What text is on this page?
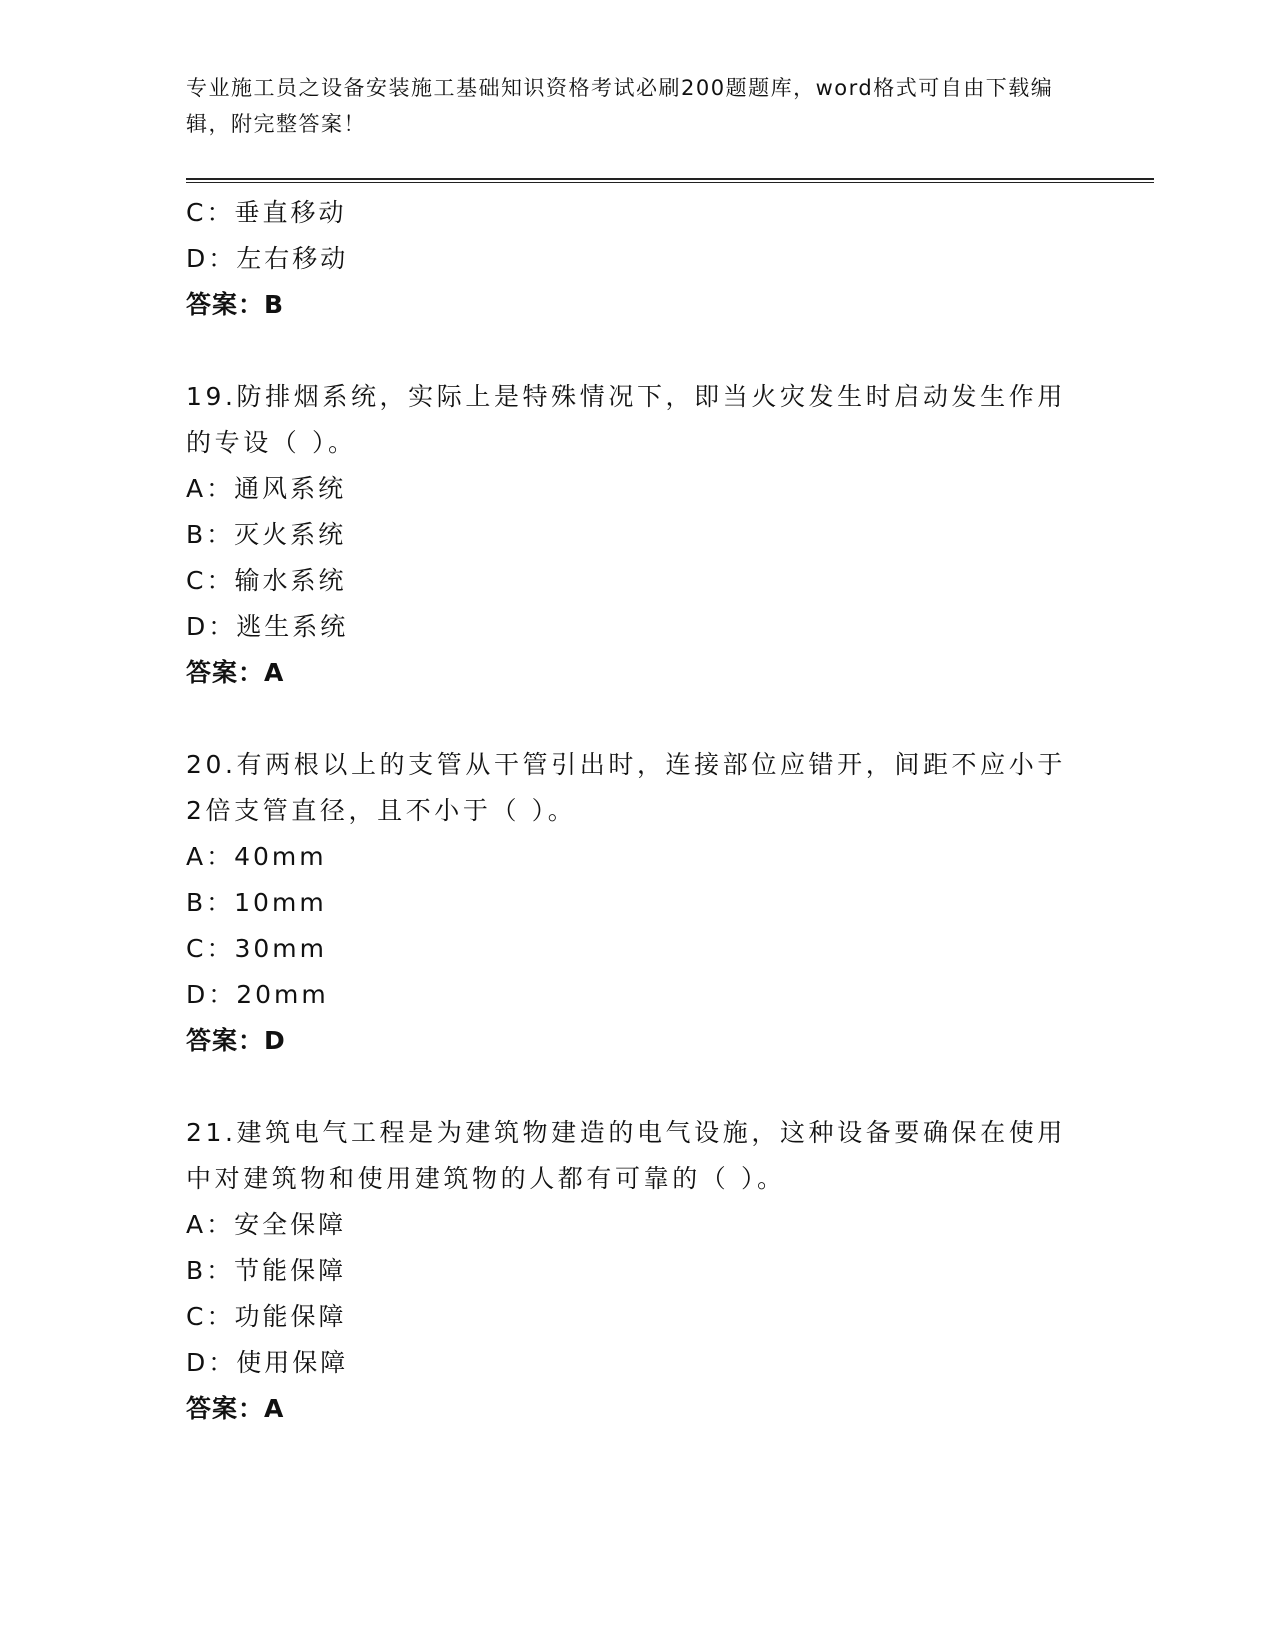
专业施工员之设备安装施工基础知识资格考试必刷200题题库，word格式可自由下载编辑，附完整答案！
C：垂直移动
D：左右移动
答案：B
19.防排烟系统，实际上是特殊情况下，即当火灾发生时启动发生作用
的专设（ ）。
A：通风系统
B：灭火系统
C：输水系统
D：逃生系统
答案：A
20.有两根以上的支管从干管引出时，连接部位应错开，间距不应小于
2倍支管直径，且不小于（ ）。
A：40mm
B：10mm
C：30mm
D：20mm
答案：D
21.建筑电气工程是为建筑物建造的电气设施，这种设备要确保在使用
中对建筑物和使用建筑物的人都有可靠的（ ）。
A：安全保障
B：节能保障
C：功能保障
D：使用保障
答案：A
